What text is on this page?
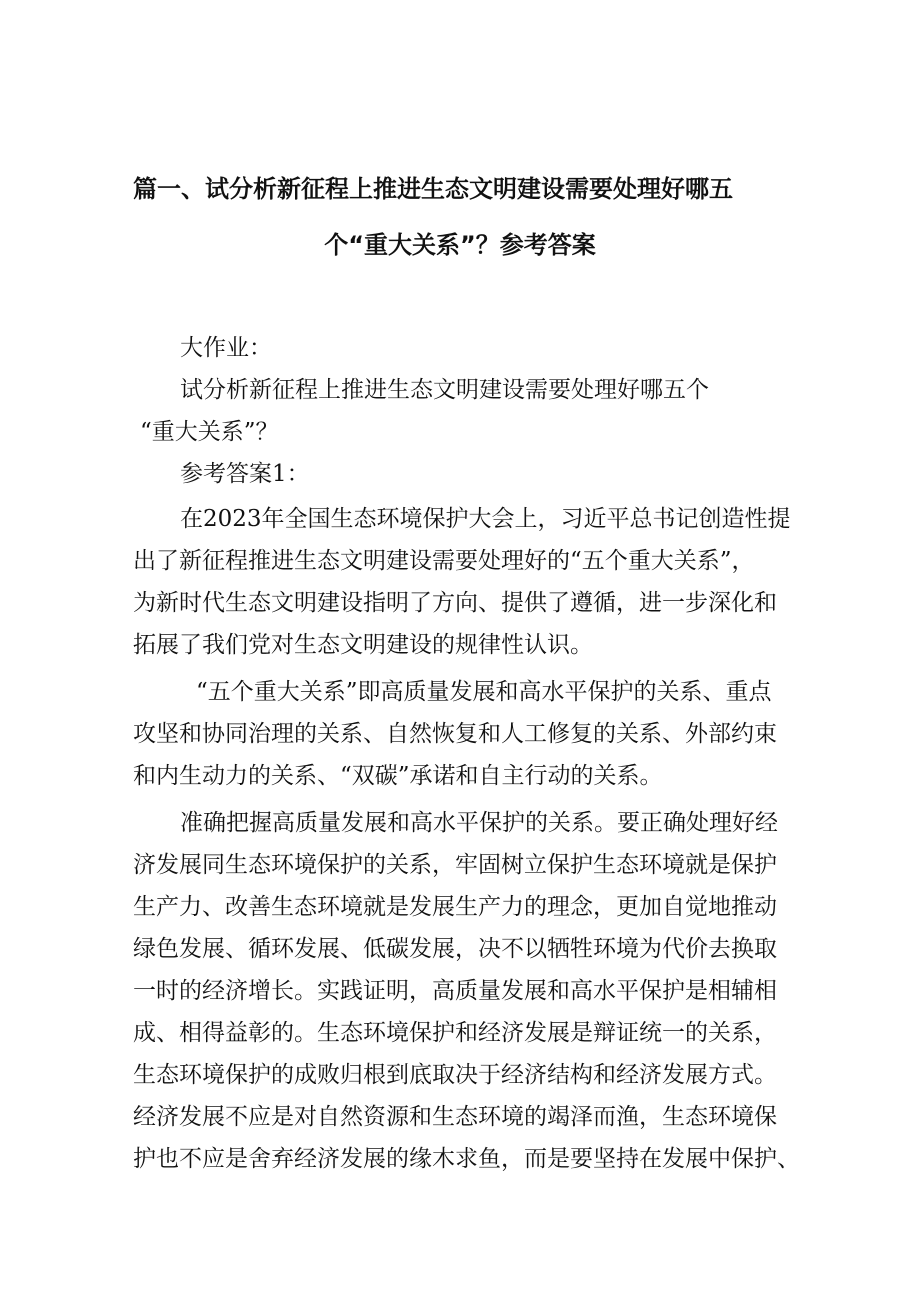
篇一、试分析新征程上推进生态文明建设需要处理好哪五
个“重大关系”？参考答案
大作业：
试分析新征程上推进生态文明建设需要处理好哪五个
“重大关系”？
参考答案1：
在2023年全国生态环境保护大会上，习近平总书记创造性提
出了新征程推进生态文明建设需要处理好的“五个重大关系”，
为新时代生态文明建设指明了方向、提供了遵循，进一步深化和
拓展了我们党对生态文明建设的规律性认识。
“五个重大关系”即高质量发展和高水平保护的关系、重点
攻坚和协同治理的关系、自然恢复和人工修复的关系、外部约束
和内生动力的关系、“双碳”承诺和自主行动的关系。
准确把握高质量发展和高水平保护的关系。要正确处理好经
济发展同生态环境保护的关系，牢固树立保护生态环境就是保护
生产力、改善生态环境就是发展生产力的理念，更加自觉地推动
绿色发展、循环发展、低碳发展，决不以牺牲环境为代价去换取
一时的经济增长。实践证明，高质量发展和高水平保护是相辅相
成、相得益彰的。生态环境保护和经济发展是辩证统一的关系，
生态环境保护的成败归根到底取决于经济结构和经济发展方式。
经济发展不应是对自然资源和生态环境的竭泽而渔，生态环境保
护也不应是舍弃经济发展的缘木求鱼，而是要坚持在发展中保护、
